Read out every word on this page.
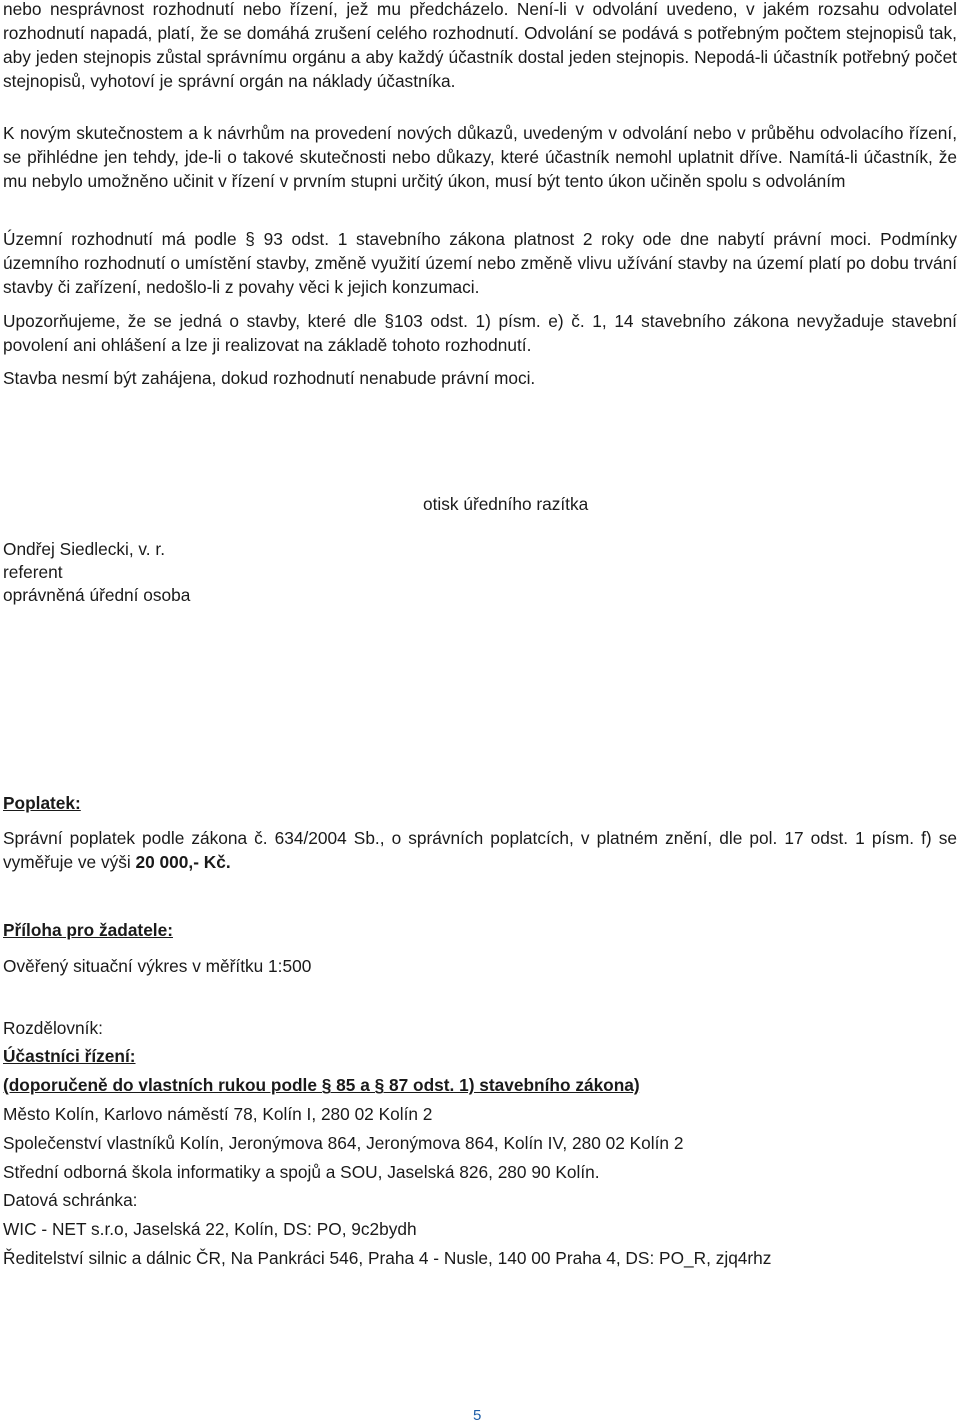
nebo nesprávnost rozhodnutí nebo řízení, jež mu předcházelo. Není-li v odvolání uvedeno, v jakém rozsahu odvolatel rozhodnutí napadá, platí, že se domáhá zrušení celého rozhodnutí. Odvolání se podává s potřebným počtem stejnopisů tak, aby jeden stejnopis zůstal správnímu orgánu a aby každý účastník dostal jeden stejnopis. Nepodá-li účastník potřebný počet stejnopisů, vyhotoví je správní orgán na náklady účastníka.

K novým skutečnostem a k návrhům na provedení nových důkazů, uvedeným v odvolání nebo v průběhu odvolacího řízení, se přihlédne jen tehdy, jde-li o takové skutečnosti nebo důkazy, které účastník nemohl uplatnit dříve. Namítá-li účastník, že mu nebylo umožněno učinit v řízení v prvním stupni určitý úkon, musí být tento úkon učiněn spolu s odvoláním

Územní rozhodnutí má podle § 93 odst. 1 stavebního zákona platnost 2 roky ode dne nabytí právní moci. Podmínky územního rozhodnutí o umístění stavby, změně využití území nebo změně vlivu užívání stavby na území platí po dobu trvání stavby či zařízení, nedošlo-li z povahy věci k jejich konzumaci.

Upozorňujeme, že se jedná o stavby, které dle §103 odst. 1) písm. e) č. 1, 14 stavebního zákona nevyžaduje stavební povolení ani ohlášení a lze ji realizovat na základě tohoto rozhodnutí.

Stavba nesmí být zahájena, dokud rozhodnutí nenabude právní moci.

otisk úředního razítka
Ondřej Siedlecki, v. r.
referent
oprávněná úřední osoba
Poplatek:

Správní poplatek podle zákona č. 634/2004 Sb., o správních poplatcích, v platném znění, dle pol. 17 odst. 1 písm. f) se vyměřuje ve výši 20 000,- Kč.

Příloha pro žadatele:
Ověřený situační výkres v měřítku 1:500
Rozdělovník:
Účastníci řízení:
(doporučeně do vlastních rukou podle § 85 a § 87 odst. 1) stavebního zákona)
Město Kolín, Karlovo náměstí 78, Kolín I, 280 02 Kolín 2
Společenství vlastníků Kolín, Jeronýmova 864, Jeronýmova 864, Kolín IV, 280 02 Kolín 2
Střední odborná škola informatiky a spojů a SOU, Jaselská 826, 280 90 Kolín.
Datová schránka:
WIC - NET s.r.o, Jaselská 22, Kolín, DS: PO, 9c2bydh
Ředitelství silnic a dálnic ČR, Na Pankráci 546, Praha 4 - Nusle, 140 00 Praha 4, DS: PO_R, zjq4rhz
5
